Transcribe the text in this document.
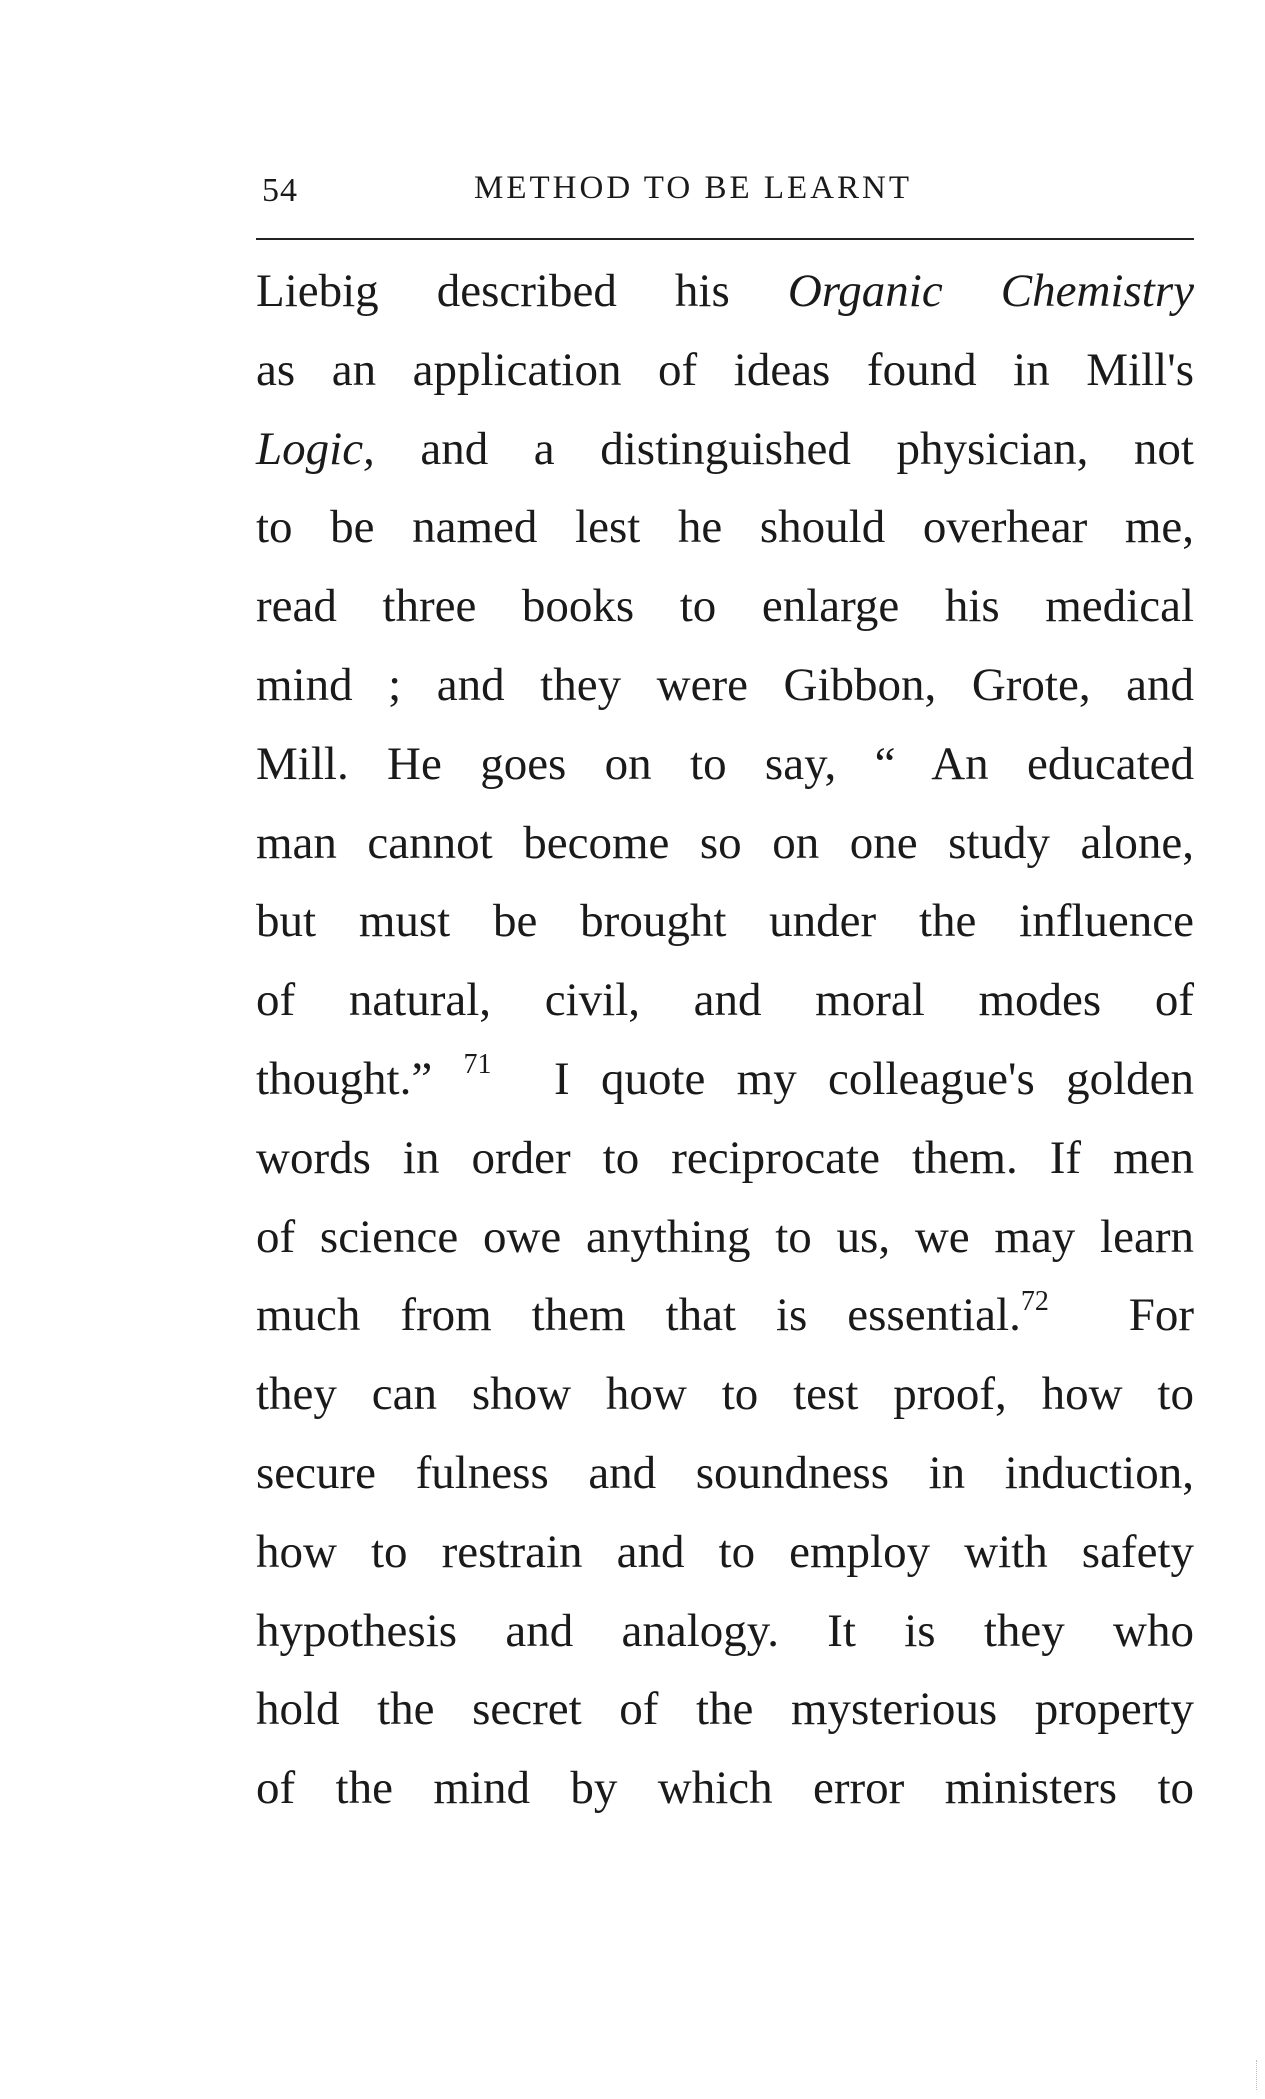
54	METHOD TO BE LEARNT
Liebig described his Organic Chemistry
as an application of ideas found in Mill's
Logic, and a distinguished physician, not
to be named lest he should overhear me,
read three books to enlarge his medical
mind ; and they were Gibbon, Grote, and
Mill. He goes on to say, “ An educated
man cannot become so on one study alone,
but must be brought under the influence
of natural, civil, and moral modes of
thought.” $^{71}$  I quote my colleague's golden
words in order to reciprocate them. If men
of science owe anything to us, we may learn
much from them that is essential.$^{72}$  For
they can show how to test proof, how to
secure fulness and soundness in induction,
how to restrain and to employ with safety
hypothesis and analogy. It is they who
hold the secret of the mysterious property
of the mind by which error ministers to
